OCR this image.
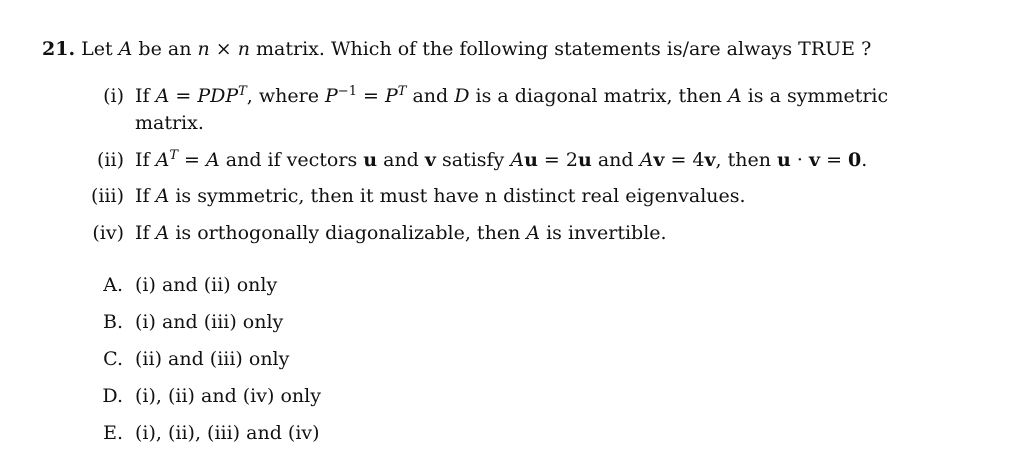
21. Let A be an n × n matrix. Which of the following statements is/are always TRUE ?
(i) If $A = PDP^T$, where $P^{-1} = P^T$ and D is a diagonal matrix, then A is a symmetric
matrix.
(ii) If $A^T = A$ and if vectors u and v satisfy Au = 2u and Av = 4v, then u · v = 0.
(iii) If A is symmetric, then it must have n distinct real eigenvalues.
(iv) If A is orthogonally diagonalizable, then A is invertible.
A. (i) and (ii) only
B. (i) and (iii) only
C. (ii) and (iii) only
D. (i), (ii) and (iv) only
E. (i), (ii), (iii) and (iv)
